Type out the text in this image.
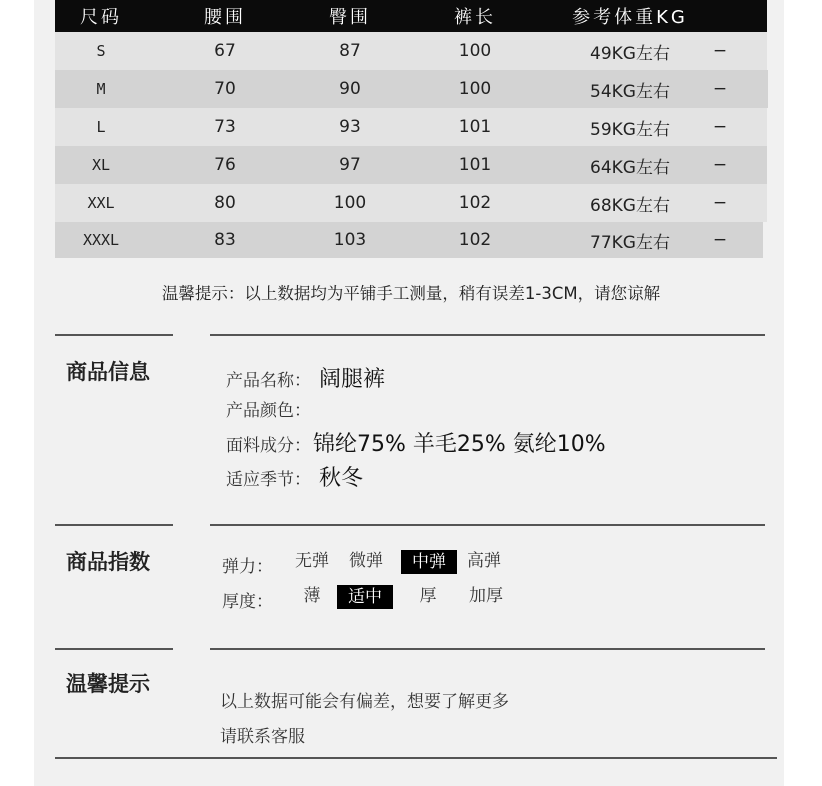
尺码	腰围	臀围	裤长	参考体重KG
S	67	87	100	49KG左右	−
M	70	90	100	54KG左右	−
L	73	93	101	59KG左右	−
XL	76	97	101	64KG左右	−
XXL	80	100	102	68KG左右	−
XXXL	83	103	102	77KG左右	−
温馨提示：以上数据均为平铺手工测量，稍有误差1-3CM，请您谅解
商品信息	产品名称： 阔腿裤
产品颜色：
面料成分： 锦纶75% 羊毛25% 氨纶10%
适应季节： 秋冬
商品指数	弹力： 无弹 微弹	中弹	高弹
厚度：	薄	适中	厚	加厚
温馨提示
以上数据可能会有偏差，想要了解更多
请联系客服
